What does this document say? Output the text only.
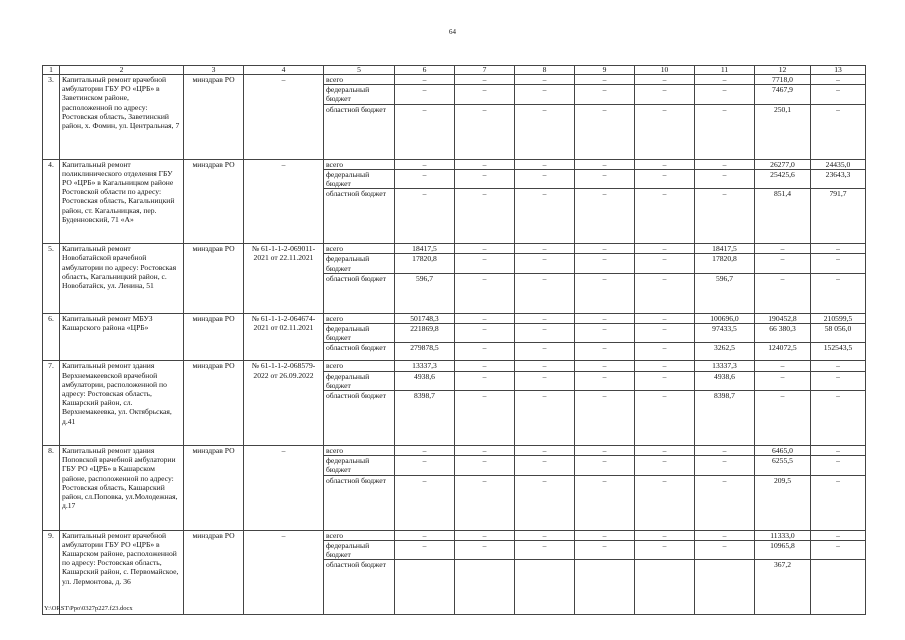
64
1	2	3	4	5	6	7	8	9	10	11	12	13
3.	Капитальный ремонт врачебной амбулатории ГБУ РО «ЦРБ» в Заветинском районе, расположенной по адресу: Ростовская область, Заветинский район, х. Фомин, ул. Центральная, 7	минздрав РО	–	всего	–	–	–	–	–	–	7718,0	–
				федеральный бюджет	–	–	–	–	–	–	7467,9	–
				областной бюджет	–	–	–	–	–	–	250,1	–
4.	Капитальный ремонт поликлинического отделения ГБУ РО «ЦРБ» в Кагальницком районе Ростовской области по адресу: Ростовская область, Кагальницкий район, ст. Кагальницкая, пер. Буденновский, 71 «А»	минздрав РО	–	всего	–	–	–	–	–	–	26277,0	24435,0
				федеральный бюджет	–	–	–	–	–	–	25425,6	23643,3
				областной бюджет	–	–	–	–	–	–	851,4	791,7
5.	Капитальный ремонт Новобатайской врачебной амбулатории по адресу: Ростовская область, Кагальницкий район, с. Новобатайск, ул. Ленина, 51	минздрав РО	№ 61-1-1-2-069011-2021 от 22.11.2021	всего	18417,5	–	–	–	–	18417,5	–	–
				федеральный бюджет	17820,8	–	–	–	–	17820,8	–	–
				областной бюджет	596,7	–	–	–	–	596,7	–	–
6.	Капитальный ремонт МБУЗ Кашарского района «ЦРБ»	минздрав РО	№ 61-1-1-2-064674-2021 от 02.11.2021	всего	501748,3	–	–	–	–	100696,0	190452,8	210599,5
				федеральный бюджет	221869,8	–	–	–	–	97433,5	66 380,3	58 056,0
				областной бюджет	279878,5	–	–	–	–	3262,5	124072,5	152543,5
7.	Капитальный ремонт здания Верхнемакеевской врачебной амбулатории, расположенной по адресу: Ростовская область, Кашарский район, сл. Верхнемакеевка, ул. Октябрьская, д.41	минздрав РО	№ 61-1-1-2-068579-2022 от 26.09.2022	всего	13337,3	–	–	–	–	13337,3	–	–
				федеральный бюджет	4938,6	–	–	–	–	4938,6	–	–
				областной бюджет	8398,7	–	–	–	–	8398,7	–	–
8.	Капитальный ремонт здания Поповской врачебной амбулатории ГБУ РО «ЦРБ» в Кашарском районе, расположенной по адресу: Ростовская область, Кашарский район, сл.Поповка, ул.Молодежная, д.17	минздрав РО	–	всего	–	–	–	–	–	–	6465,0	–
				федеральный бюджет	–	–	–	–	–	–	6255,5	–
				областной бюджет	–	–	–	–	–	–	209,5	–
9.	Капитальный ремонт врачебной амбулатории ГБУ РО «ЦРБ» в Кашарском районе, расположенной по адресу: Ростовская область, Кашарский район, с. Первомайское, ул. Лермонтова, д. 36	минздрав РО	–	всего	–	–	–	–	–	–	11333,0	–
				федеральный бюджет	–	–	–	–	–	–	10965,8	–
				областной бюджет							367,2	
Y:\ORST\Ppo\0327p227.f23.docx
